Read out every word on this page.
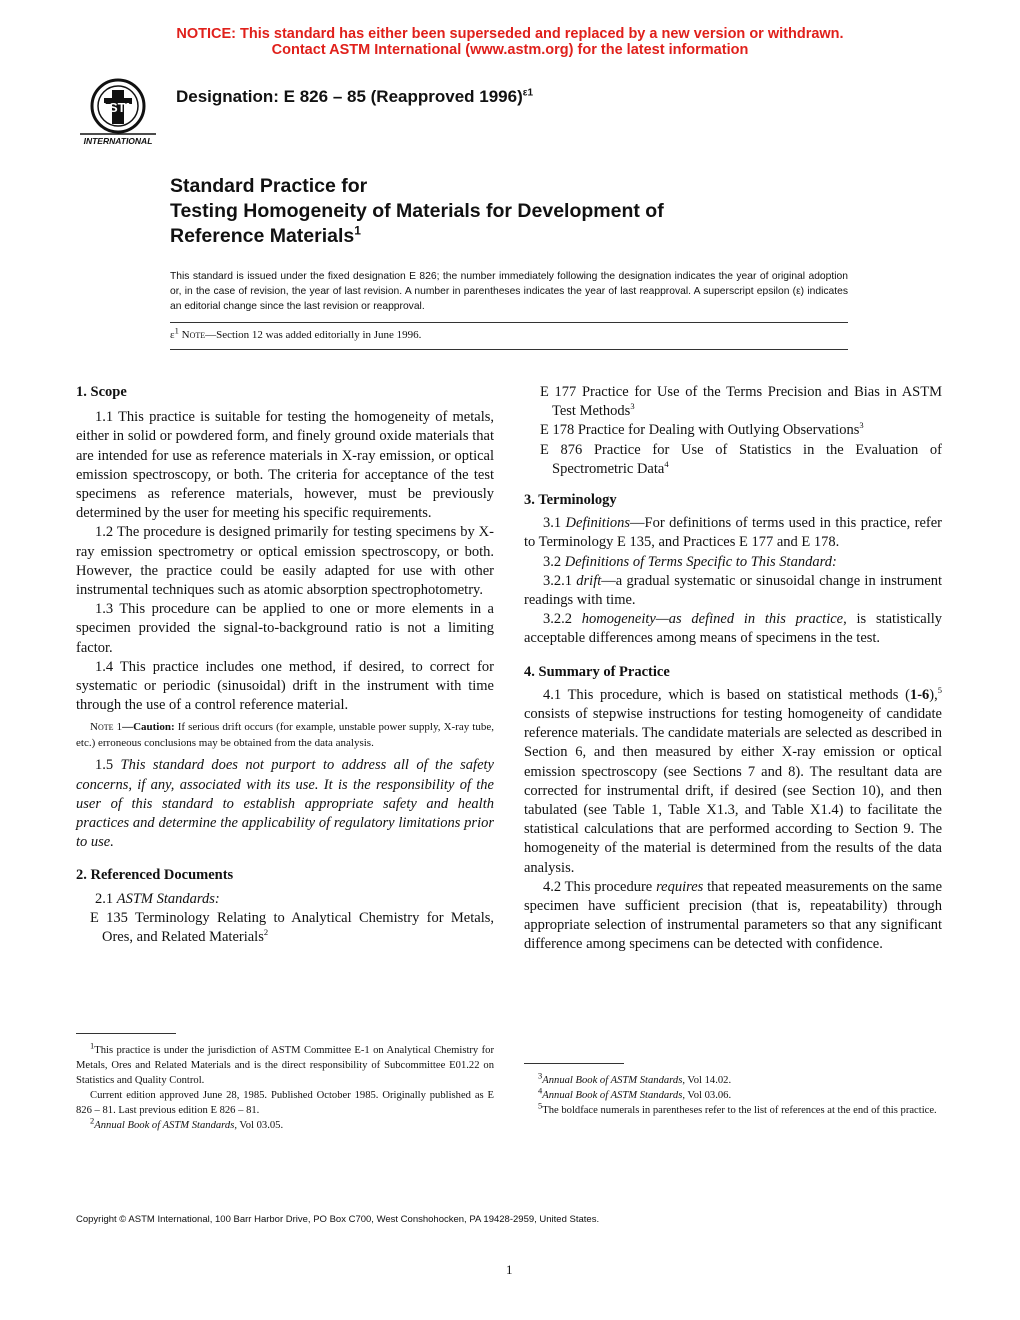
NOTICE: This standard has either been superseded and replaced by a new version or withdrawn.
Contact ASTM International (www.astm.org) for the latest information
ASTM
INTERNATIONAL
Designation: E 826 – 85 (Reapproved 1996)$^{\varepsilon 1}$
Standard Practice for
Testing Homogeneity of Materials for Development of
Reference Materials$^1$
This standard is issued under the fixed designation E 826; the number immediately following the designation indicates the year of original adoption or, in the case of revision, the year of last revision. A number in parentheses indicates the year of last reapproval. A superscript epsilon (ε) indicates an editorial change since the last revision or reapproval.
$\varepsilon^1$ Note—Section 12 was added editorially in June 1996.
1. Scope

1.1 This practice is suitable for testing the homogeneity of metals, either in solid or powdered form, and finely ground oxide materials that are intended for use as reference materials in X-ray emission, or optical emission spectroscopy, or both. The criteria for acceptance of the test specimens as reference materials, however, must be previously determined by the user for meeting his specific requirements.

1.2 The procedure is designed primarily for testing specimens by X-ray emission spectrometry or optical emission spectroscopy, or both. However, the practice could be easily adapted for use with other instrumental techniques such as atomic absorption spectrophotometry.

1.3 This procedure can be applied to one or more elements in a specimen provided the signal-to-background ratio is not a limiting factor.

1.4 This practice includes one method, if desired, to correct for systematic or periodic (sinusoidal) drift in the instrument with time through the use of a control reference material.

Note 1—Caution: If serious drift occurs (for example, unstable power supply, X-ray tube, etc.) erroneous conclusions may be obtained from the data analysis.

1.5 This standard does not purport to address all of the safety concerns, if any, associated with its use. It is the responsibility of the user of this standard to establish appropriate safety and health practices and determine the applicability of regulatory limitations prior to use.

2. Referenced Documents

2.1 ASTM Standards:

E 135 Terminology Relating to Analytical Chemistry for Metals, Ores, and Related Materials$^2$

E 177 Practice for Use of the Terms Precision and Bias in ASTM Test Methods$^3$

E 178 Practice for Dealing with Outlying Observations$^3$

E 876 Practice for Use of Statistics in the Evaluation of Spectrometric Data$^4$

3. Terminology

3.1 Definitions—For definitions of terms used in this practice, refer to Terminology E 135, and Practices E 177 and E 178.

3.2 Definitions of Terms Specific to This Standard:

3.2.1 drift—a gradual systematic or sinusoidal change in instrument readings with time.

3.2.2 homogeneity—as defined in this practice, is statistically acceptable differences among means of specimens in the test.

4. Summary of Practice

4.1 This procedure, which is based on statistical methods (1-6),$^5$ consists of stepwise instructions for testing homogeneity of candidate reference materials. The candidate materials are selected as described in Section 6, and then measured by either X-ray emission or optical emission spectroscopy (see Sections 7 and 8). The resultant data are corrected for instrumental drift, if desired (see Section 10), and then tabulated (see Table 1, Table X1.3, and Table X1.4) to facilitate the statistical calculations that are performed according to Section 9. The homogeneity of the material is determined from the results of the data analysis.

4.2 This procedure requires that repeated measurements on the same specimen have sufficient precision (that is, repeatability) through appropriate selection of instrumental parameters so that any significant difference among specimens can be detected with confidence.

$^1$This practice is under the jurisdiction of ASTM Committee E-1 on Analytical Chemistry for Metals, Ores and Related Materials and is the direct responsibility of Subcommittee E01.22 on Statistics and Quality Control.

Current edition approved June 28, 1985. Published October 1985. Originally published as E 826 – 81. Last previous edition E 826 – 81.

$^2$Annual Book of ASTM Standards, Vol 03.05.

$^3$Annual Book of ASTM Standards, Vol 14.02.

$^4$Annual Book of ASTM Standards, Vol 03.06.

$^5$The boldface numerals in parentheses refer to the list of references at the end of this practice.

Copyright © ASTM International, 100 Barr Harbor Drive, PO Box C700, West Conshohocken, PA 19428-2959, United States.
1
